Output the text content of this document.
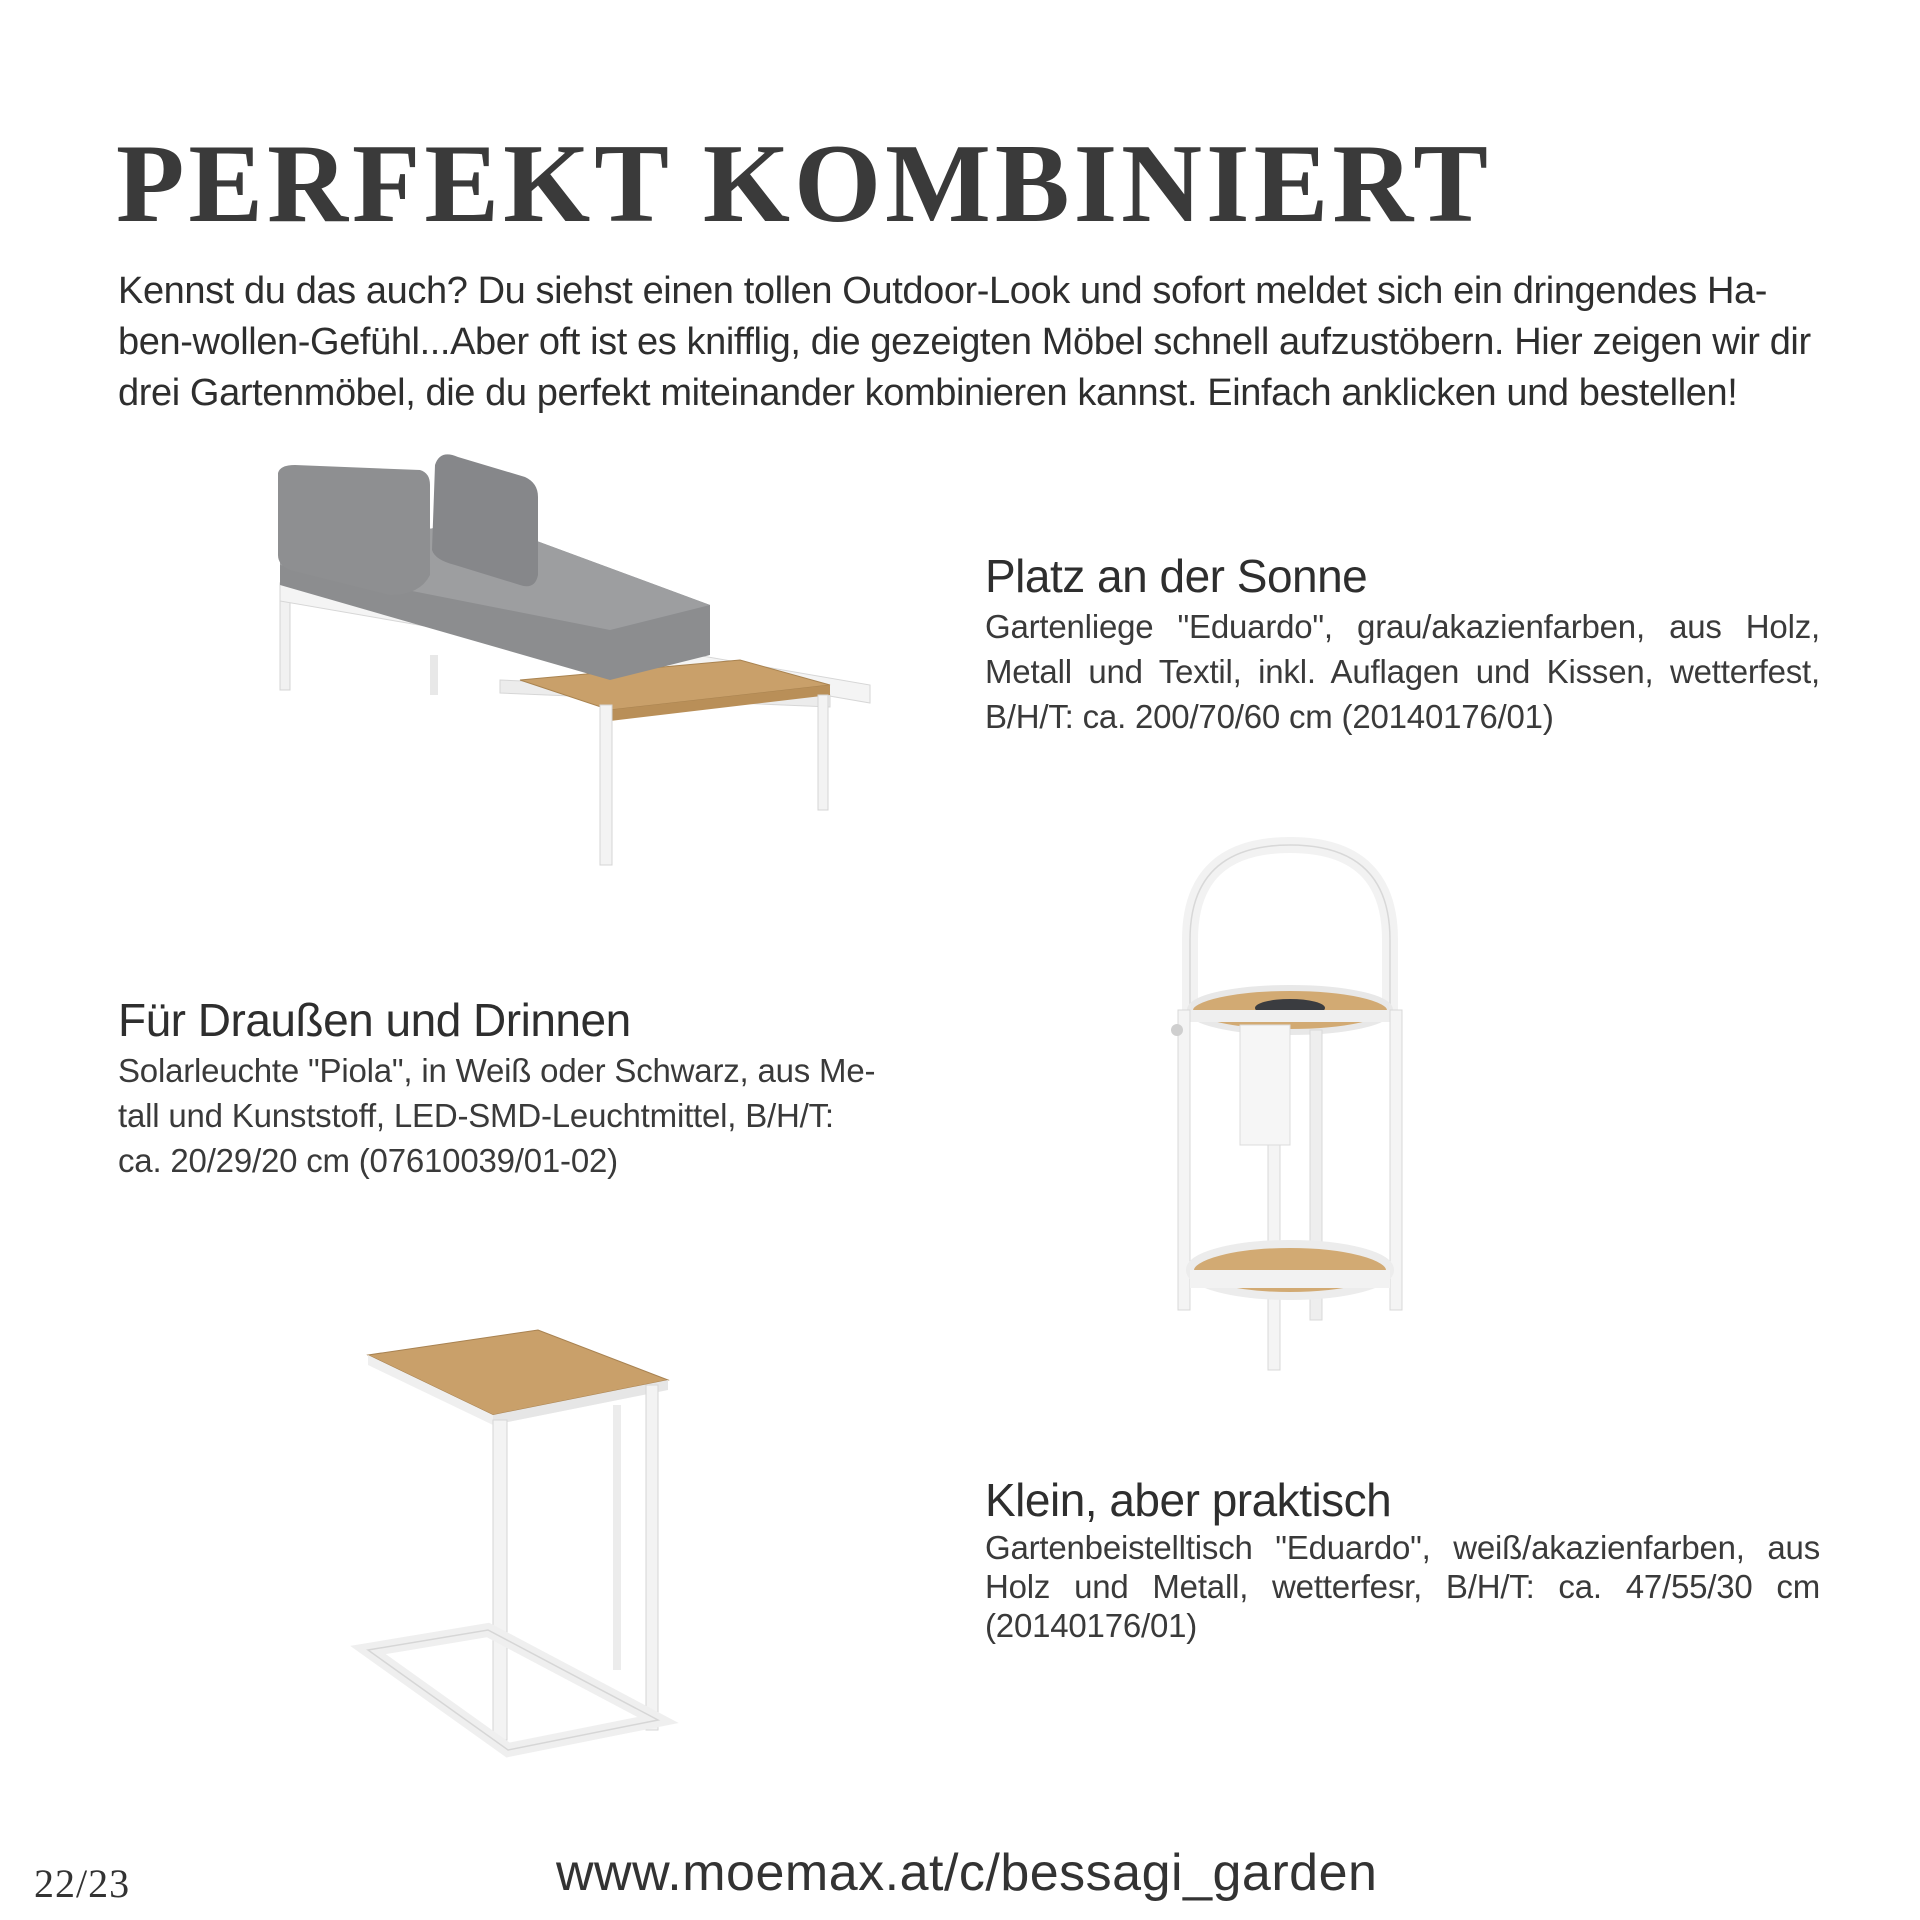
PERFEKT KOMBINIERT
Kennst du das auch? Du siehst einen tollen Outdoor-Look und sofort meldet sich ein dringendes Ha-
ben-wollen-Gefühl...Aber oft ist es knifflig, die gezeigten Möbel schnell aufzustöbern. Hier zeigen wir dir
drei Gartenmöbel, die du perfekt miteinander kombinieren kannst. Einfach anklicken und bestellen!
Platz an der Sonne
Gartenliege "Eduardo", grau/akazienfarben, aus Holz, Metall und Textil, inkl. Auflagen und Kissen, wetterfest, B/H/T: ca. 200/70/60 cm (20140176/01)
Für Draußen und Drinnen
Solarleuchte "Piola", in Weiß oder Schwarz, aus Me-
tall und Kunststoff, LED-SMD-Leuchtmittel, B/H/T:
ca. 20/29/20 cm (07610039/01-02)
Klein, aber praktisch
Gartenbeistelltisch "Eduardo", weiß/akazienfarben, aus Holz und Metall, wetterfesr, B/H/T: ca. 47/55/30 cm (20140176/01)
22/23	www.moemax.at/c/bessagi_garden
